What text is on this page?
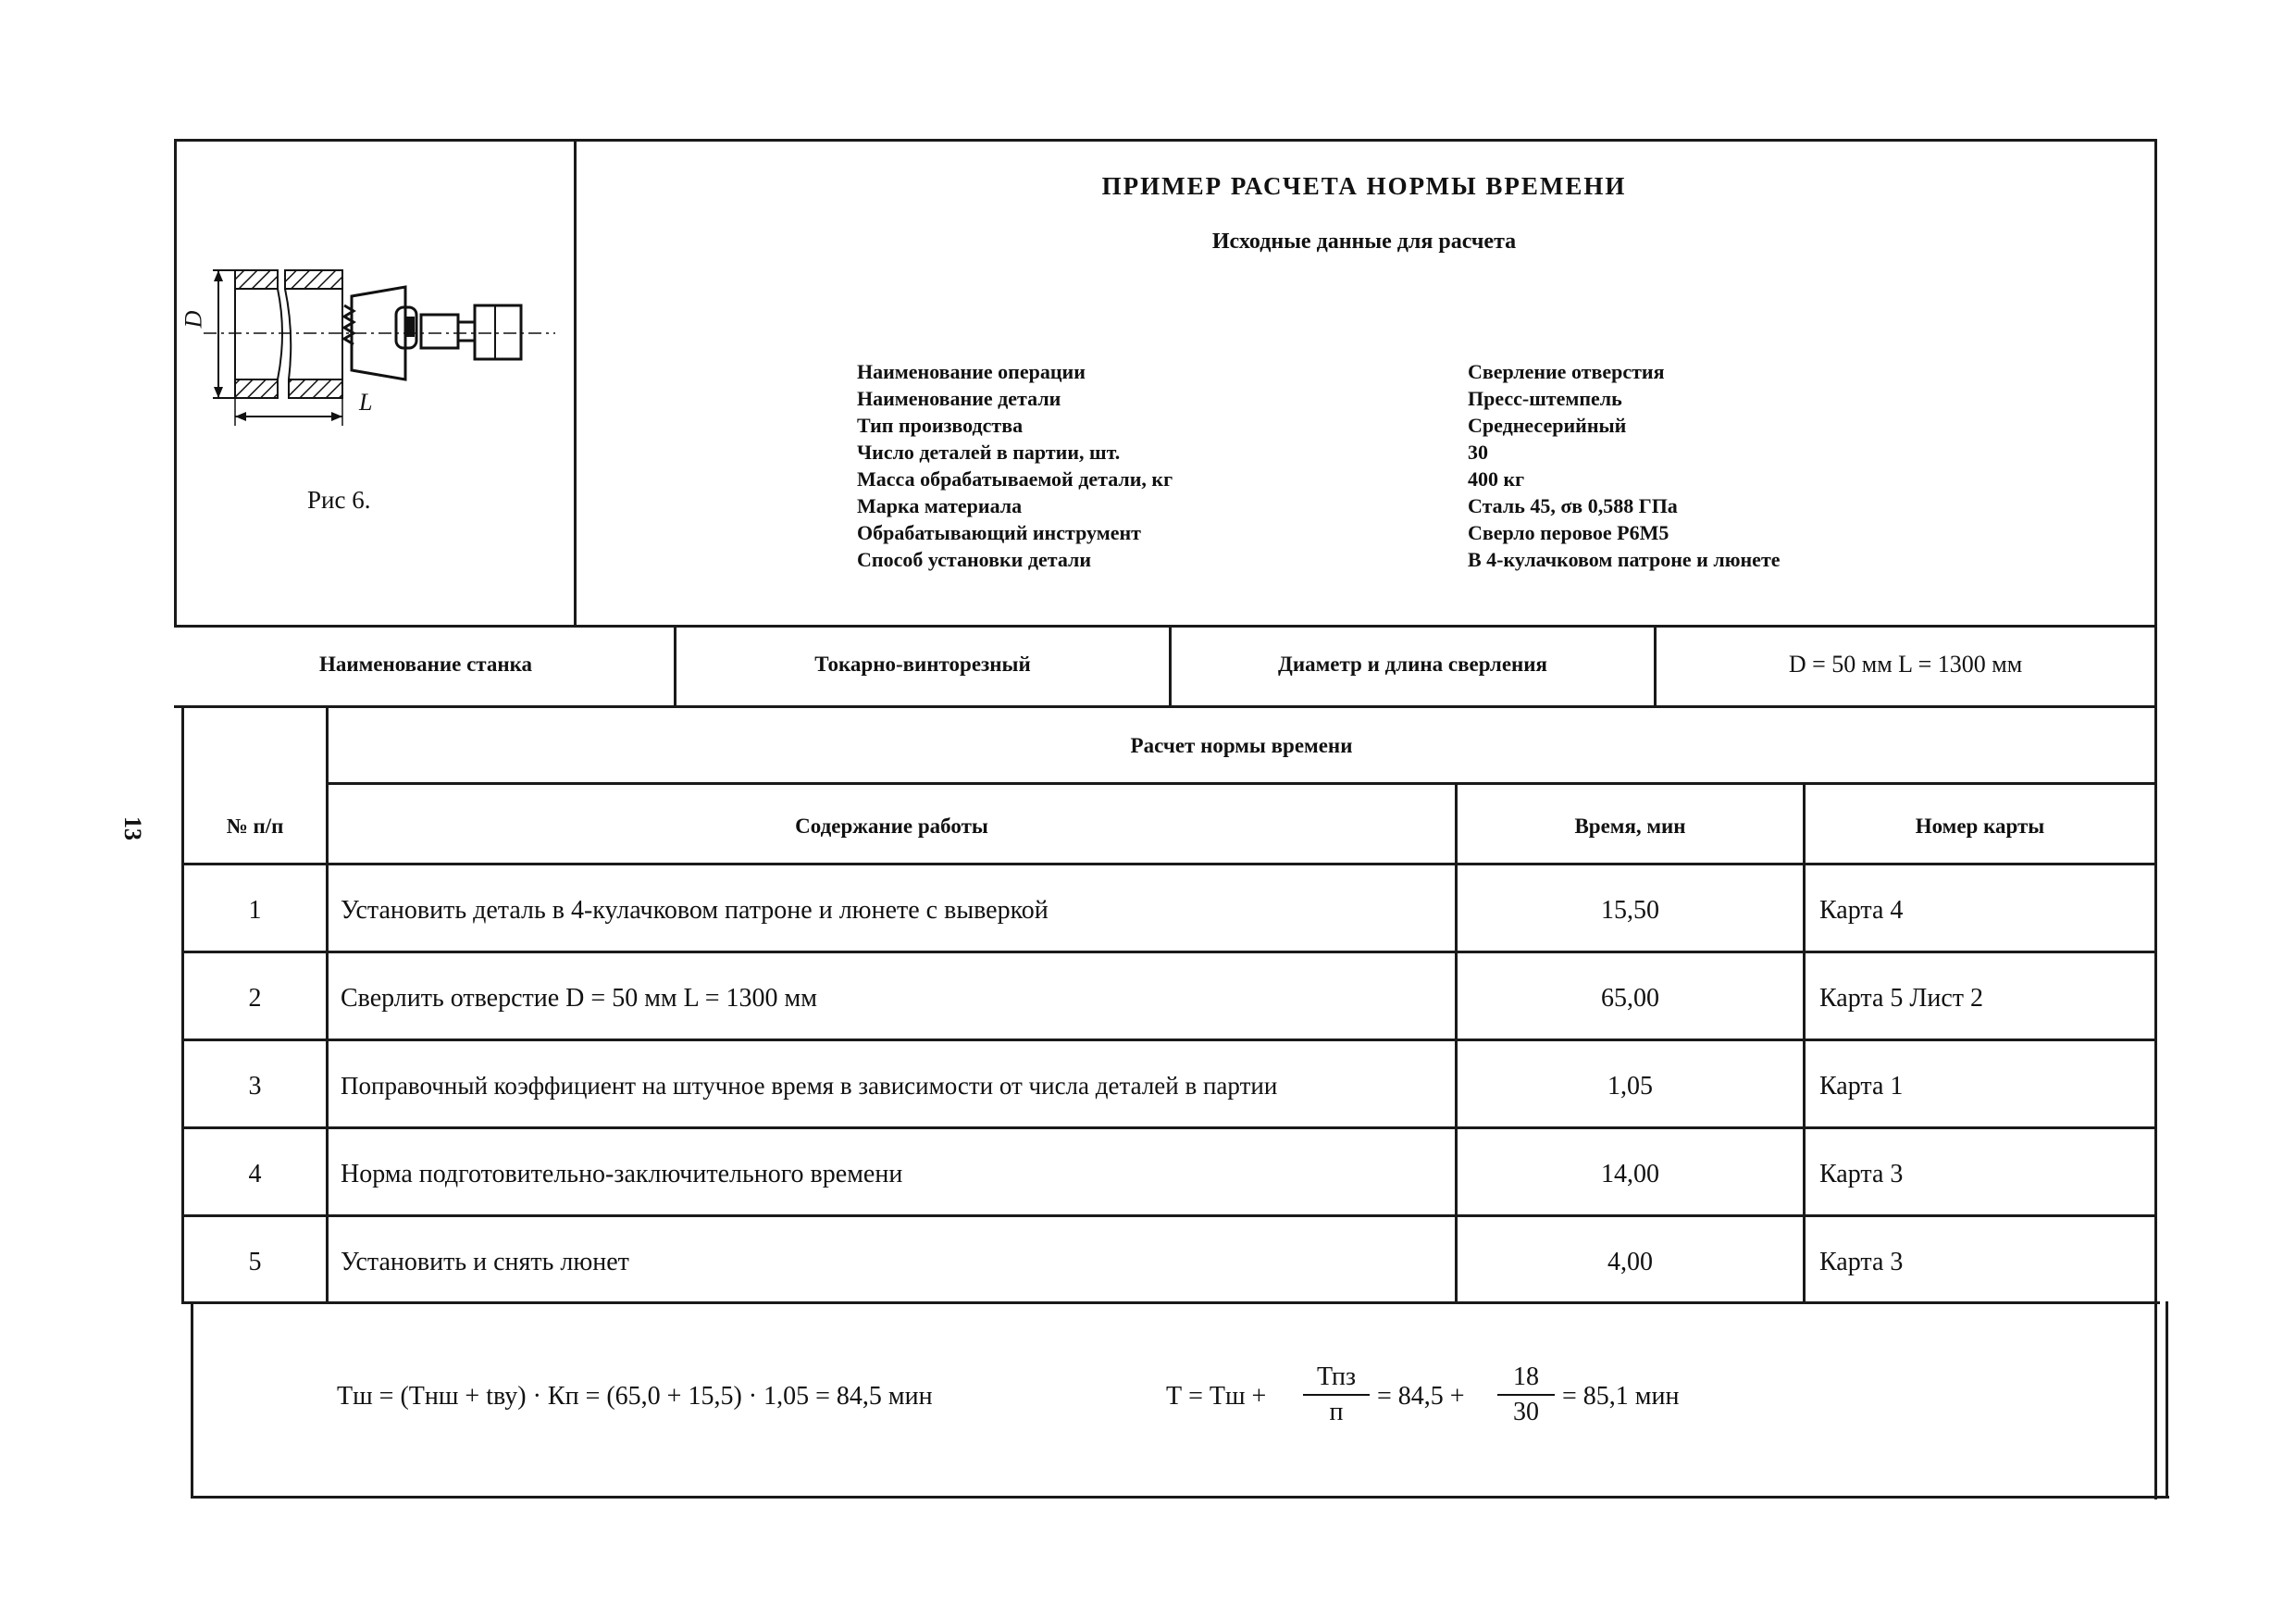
D
L
Рис 6.
ПРИМЕР РАСЧЕТА НОРМЫ ВРЕМЕНИ
Исходные данные для расчета
Наименование операции	Сверление отверстия
Наименование детали	Пресс-штемпель
Тип производства	Среднесерийный
Число деталей в партии, шт.	30
Масса обрабатываемой детали, кг	400 кг
Марка материала	Сталь 45, σв 0,588 ГПа
Обрабатывающий инструмент	Сверло перовое Р6М5
Способ установки детали	В 4-кулачковом патроне и люнете
Наименование станка	Токарно-винторезный	Диаметр и длина сверления	D = 50 мм L = 1300 мм
Расчет нормы времени
№ п/п	Содержание работы	Время, мин	Номер карты
1	Установить деталь в 4-кулачковом патроне и люнете с выверкой	15,50	Карта 4
2	Сверлить отверстие D = 50 мм L = 1300 мм	65,00	Карта 5 Лист 2
3	Поправочный коэффициент на штучное время в зависимости от числа деталей в партии	1,05	Карта 1
4	Норма подготовительно-заключительного времени	14,00	Карта 3
5	Установить и снять люнет	4,00	Карта 3
Тш = (Тнш + tву) · Кп = (65,0 + 15,5) · 1,05 = 84,5 мин	Т = Тш +
Тпз
п
= 84,5 +
18
30
= 85,1 мин
13
